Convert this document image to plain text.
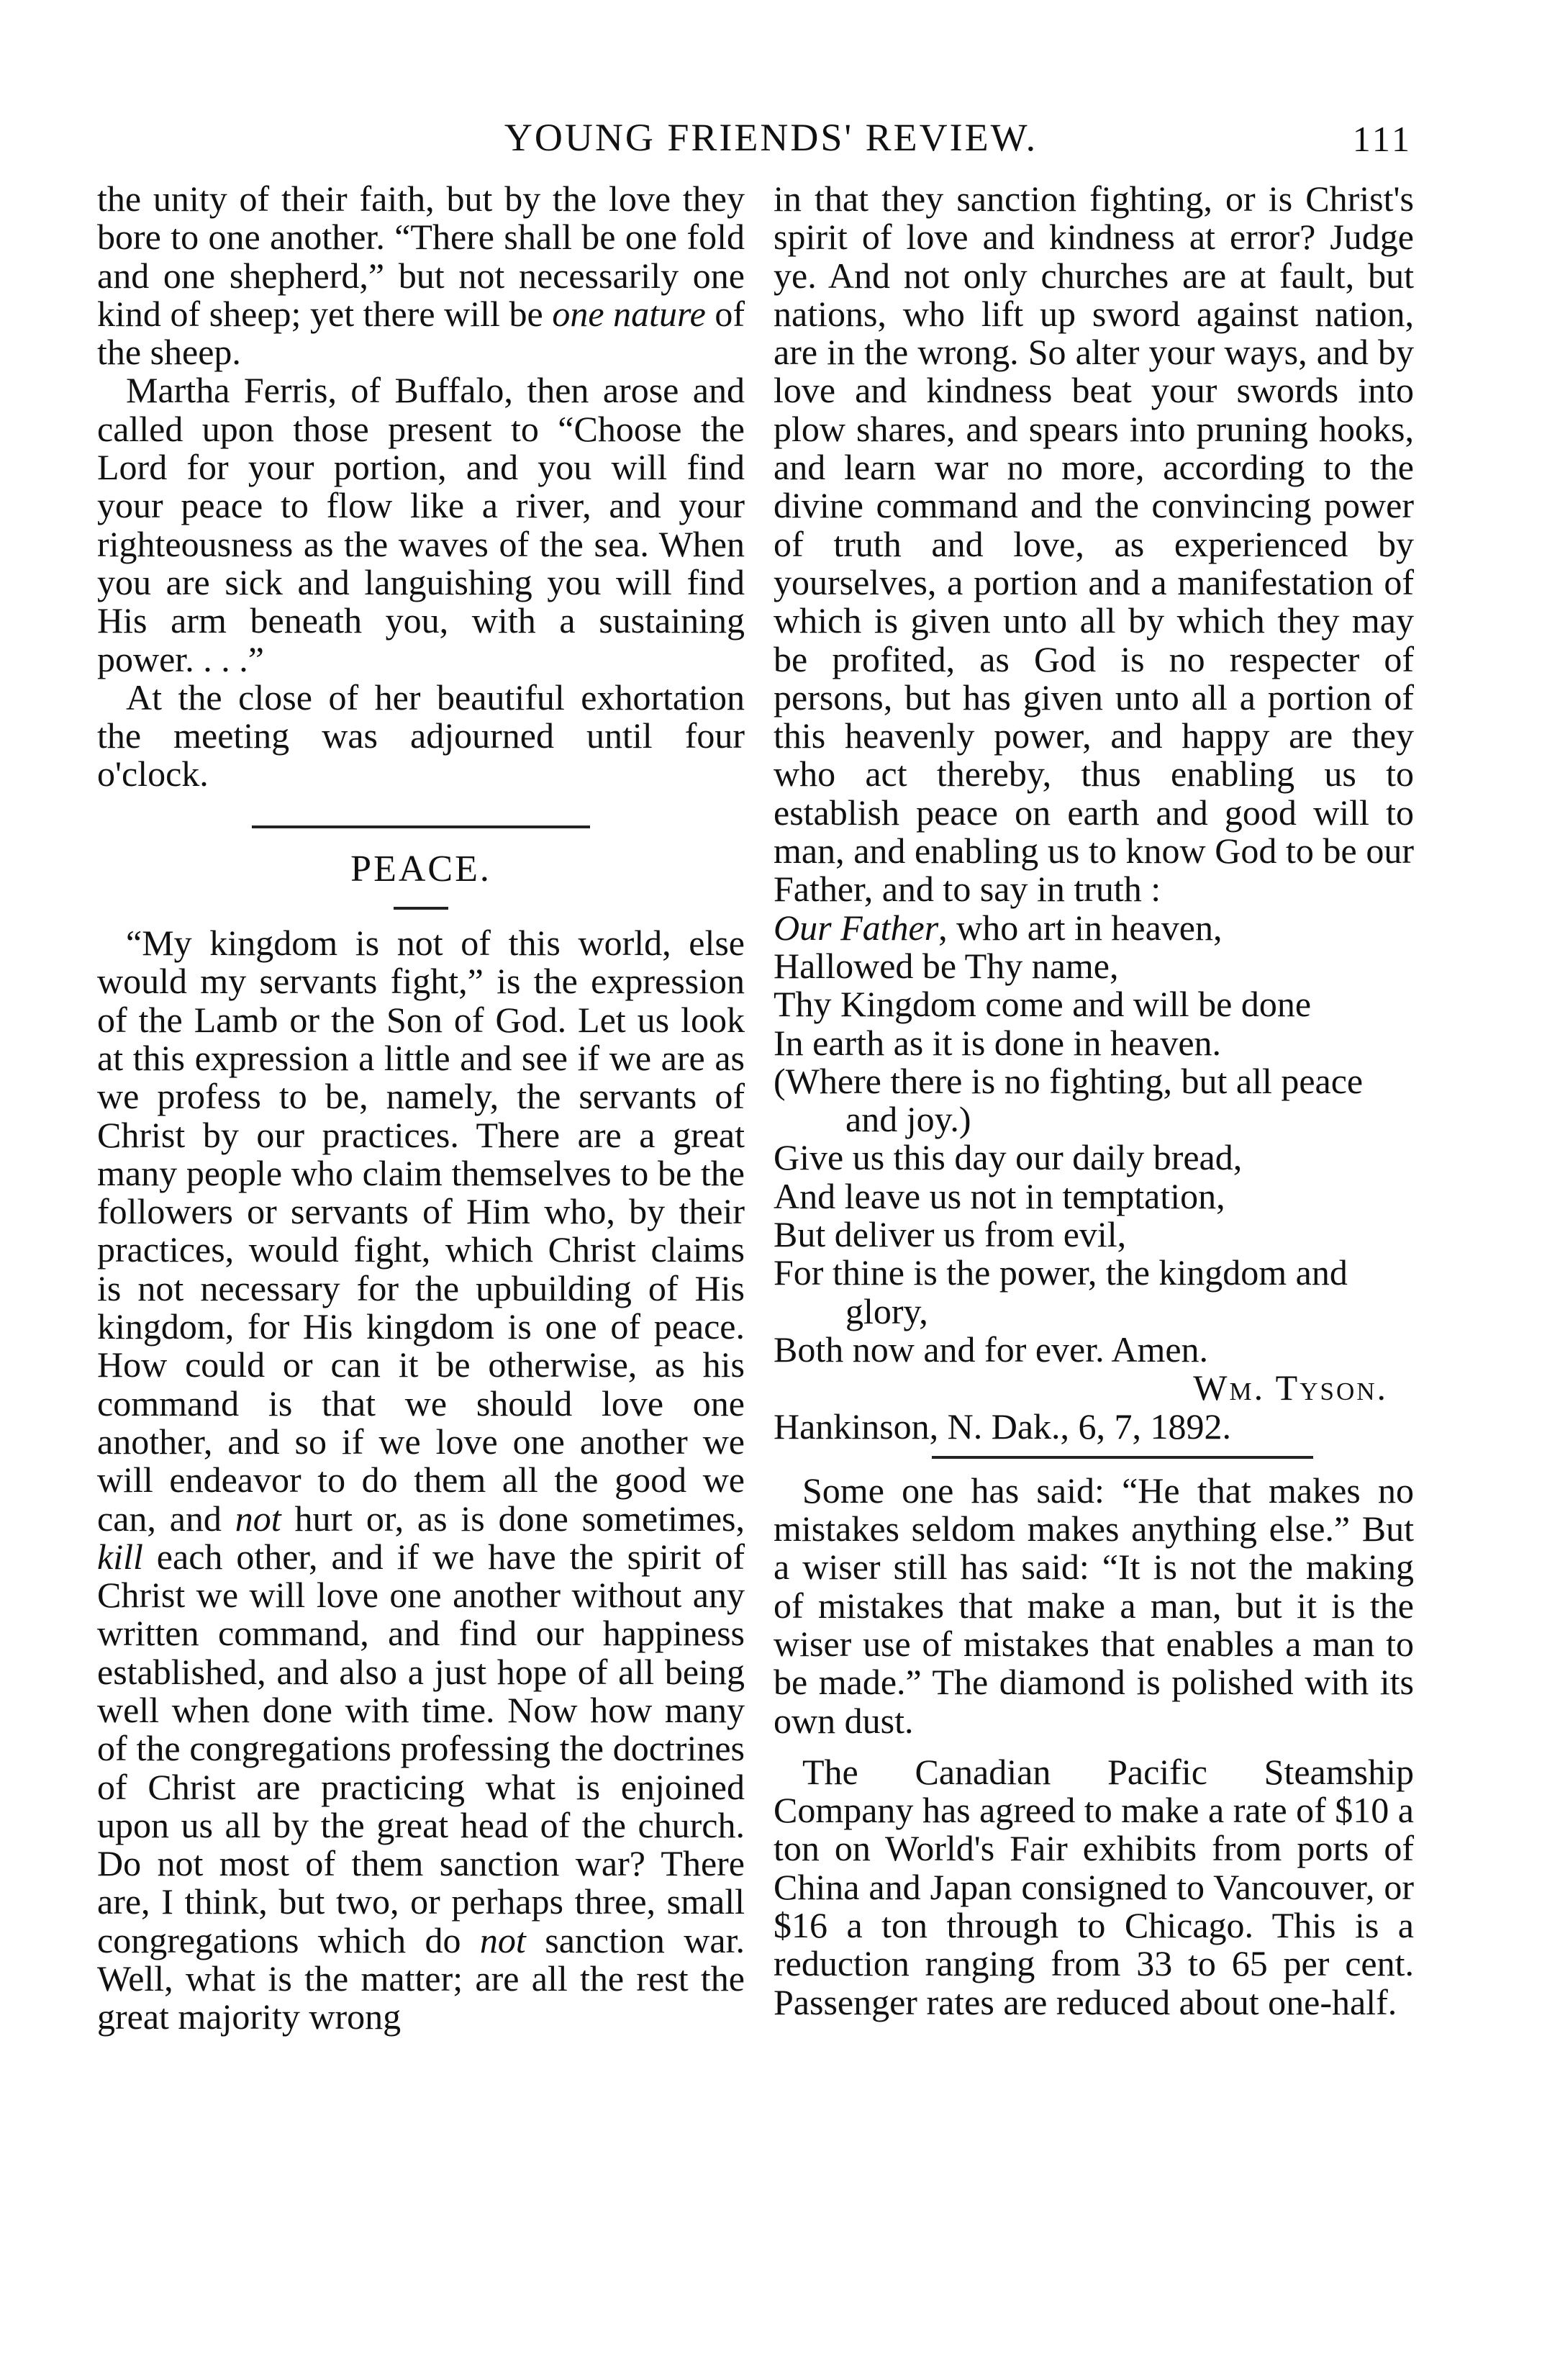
YOUNG FRIENDS' REVIEW.	111

the unity of their faith, but by the love they bore to one another. “There shall be one fold and one shepherd,” but not necessarily one kind of sheep; yet there will be one nature of the sheep.

Martha Ferris, of Buffalo, then arose and called upon those present to “Choose the Lord for your portion, and you will find your peace to flow like a river, and your righteousness as the waves of the sea. When you are sick and languishing you will find His arm beneath you, with a sustaining power. . . .”

At the close of her beautiful exhortation the meeting was adjourned until four o'clock.

PEACE.

“My kingdom is not of this world, else would my servants fight,” is the expression of the Lamb or the Son of God. Let us look at this expression a little and see if we are as we profess to be, namely, the servants of Christ by our practices. There are a great many people who claim themselves to be the followers or servants of Him who, by their practices, would fight, which Christ claims is not necessary for the upbuilding of His kingdom, for His kingdom is one of peace. How could or can it be otherwise, as his command is that we should love one another, and so if we love one another we will endeavor to do them all the good we can, and not hurt or, as is done sometimes, kill each other, and if we have the spirit of Christ we will love one another without any written command, and find our happiness established, and also a just hope of all being well when done with time. Now how many of the congregations professing the doctrines of Christ are practicing what is enjoined upon us all by the great head of the church. Do not most of them sanction war? There are, I think, but two, or perhaps three, small congregations which do not sanction war. Well, what is the matter; are all the rest the great majority wrong

in that they sanction fighting, or is Christ's spirit of love and kindness at error? Judge ye. And not only churches are at fault, but nations, who lift up sword against nation, are in the wrong. So alter your ways, and by love and kindness beat your swords into plow shares, and spears into pruning hooks, and learn war no more, according to the divine command and the convincing power of truth and love, as experienced by yourselves, a portion and a manifestation of which is given unto all by which they may be profited, as God is no respecter of persons, but has given unto all a portion of this heavenly power, and happy are they who act thereby, thus enabling us to establish peace on earth and good will to man, and enabling us to know God to be our Father, and to say in truth :

Our Father, who art in heaven,
Hallowed be Thy name,
Thy Kingdom come and will be done
In earth as it is done in heaven.
(Where there is no fighting, but all peace and joy.)
Give us this day our daily bread,
And leave us not in temptation,
But deliver us from evil,
For thine is the power, the kingdom and glory,
Both now and for ever. Amen.
Wm. Tyson.
Hankinson, N. Dak., 6, 7, 1892.

Some one has said: “He that makes no mistakes seldom makes anything else.” But a wiser still has said: “It is not the making of mistakes that make a man, but it is the wiser use of mistakes that enables a man to be made.” The diamond is polished with its own dust.

The Canadian Pacific Steamship Company has agreed to make a rate of $10 a ton on World's Fair exhibits from ports of China and Japan consigned to Vancouver, or $16 a ton through to Chicago. This is a reduction ranging from 33 to 65 per cent. Passenger rates are reduced about one-half.
